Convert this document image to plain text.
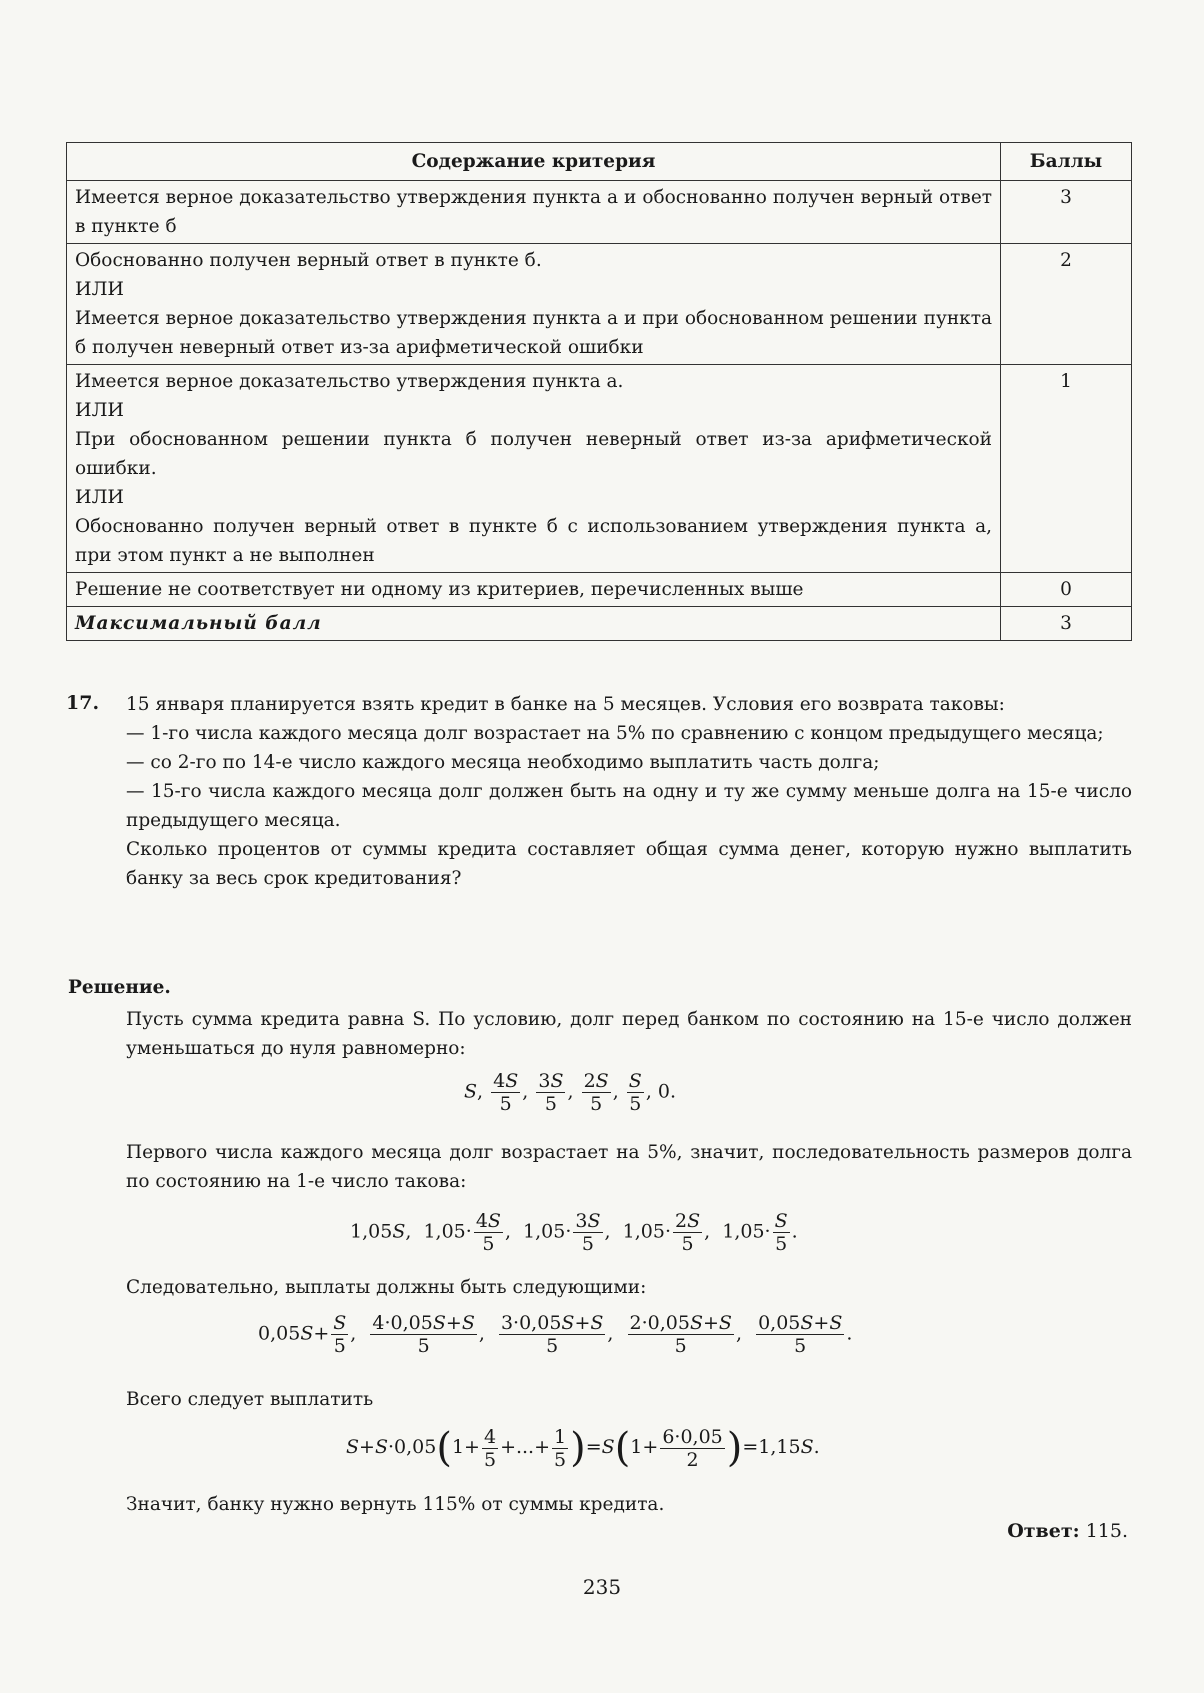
Содержание критерия	Баллы
Имеется верное доказательство утверждения пункта а и обоснованно получен верный ответ в пункте б	3

Обоснованно получен верный ответ в пункте б.
ИЛИ
Имеется верное доказательство утверждения пункта а и при обоснованном решении пункта б получен неверный ответ из-за арифметической ошибки	2

Имеется верное доказательство утверждения пункта а.
ИЛИ
При обоснованном решении пункта б получен неверный ответ из-за арифметической ошибки.
ИЛИ
Обоснованно получен верный ответ в пункте б с использованием утверждения пункта а, при этом пункт а не выполнен	1
Решение не соответствует ни одному из критериев, перечисленных выше	0
Максимальный балл	3
17. 15 января планируется взять кредит в банке на 5 месяцев. Условия его возврата таковы:
— 1-го числа каждого месяца долг возрастает на 5% по сравнению с концом предыдущего месяца;
— со 2-го по 14-е число каждого месяца необходимо выплатить часть долга;
— 15-го числа каждого месяца долг должен быть на одну и ту же сумму меньше долга на 15-е число предыдущего месяца.
Сколько процентов от суммы кредита составляет общая сумма денег, которую нужно выплатить банку за весь срок кредитования?
Решение.
Пусть сумма кредита равна S. По условию, долг перед банком по состоянию на 15-е число должен уменьшаться до нуля равномерно:
S, $\frac{4S}{5}$ , $\frac{3S}{5}$ , $\frac{2S}{5}$ , $\frac{S}{5}$ , 0.
Первого числа каждого месяца долг возрастает на 5%, значит, последовательность размеров долга по состоянию на 1-е число такова:
1,05S,  $1,05\cdot \frac{4S}{5}$ ,  $1,05\cdot \frac{3S}{5}$ ,  $1,05\cdot \frac{2S}{5}$ ,  $1,05\cdot \frac{S}{5}$ .
Следовательно, выплаты должны быть следующими:
$0,05S+ \frac{S}{5}$ , $\frac{4\cdot 0,05S+S}{5}$ , $\frac{3\cdot 0,05S+S}{5}$ , $\frac{2\cdot 0,05S+S}{5}$ , $\frac{0,05S+S}{5}$ .
Всего следует выплатить
$S+S\cdot 0,05(1+ \frac{4}{5}$ +...+ $\frac{1}{5} )=S(1+ \frac{6\cdot 0,05}{2} )=1,15S$.
Значит, банку нужно вернуть 115% от суммы кредита.
Ответ: 115.
235
